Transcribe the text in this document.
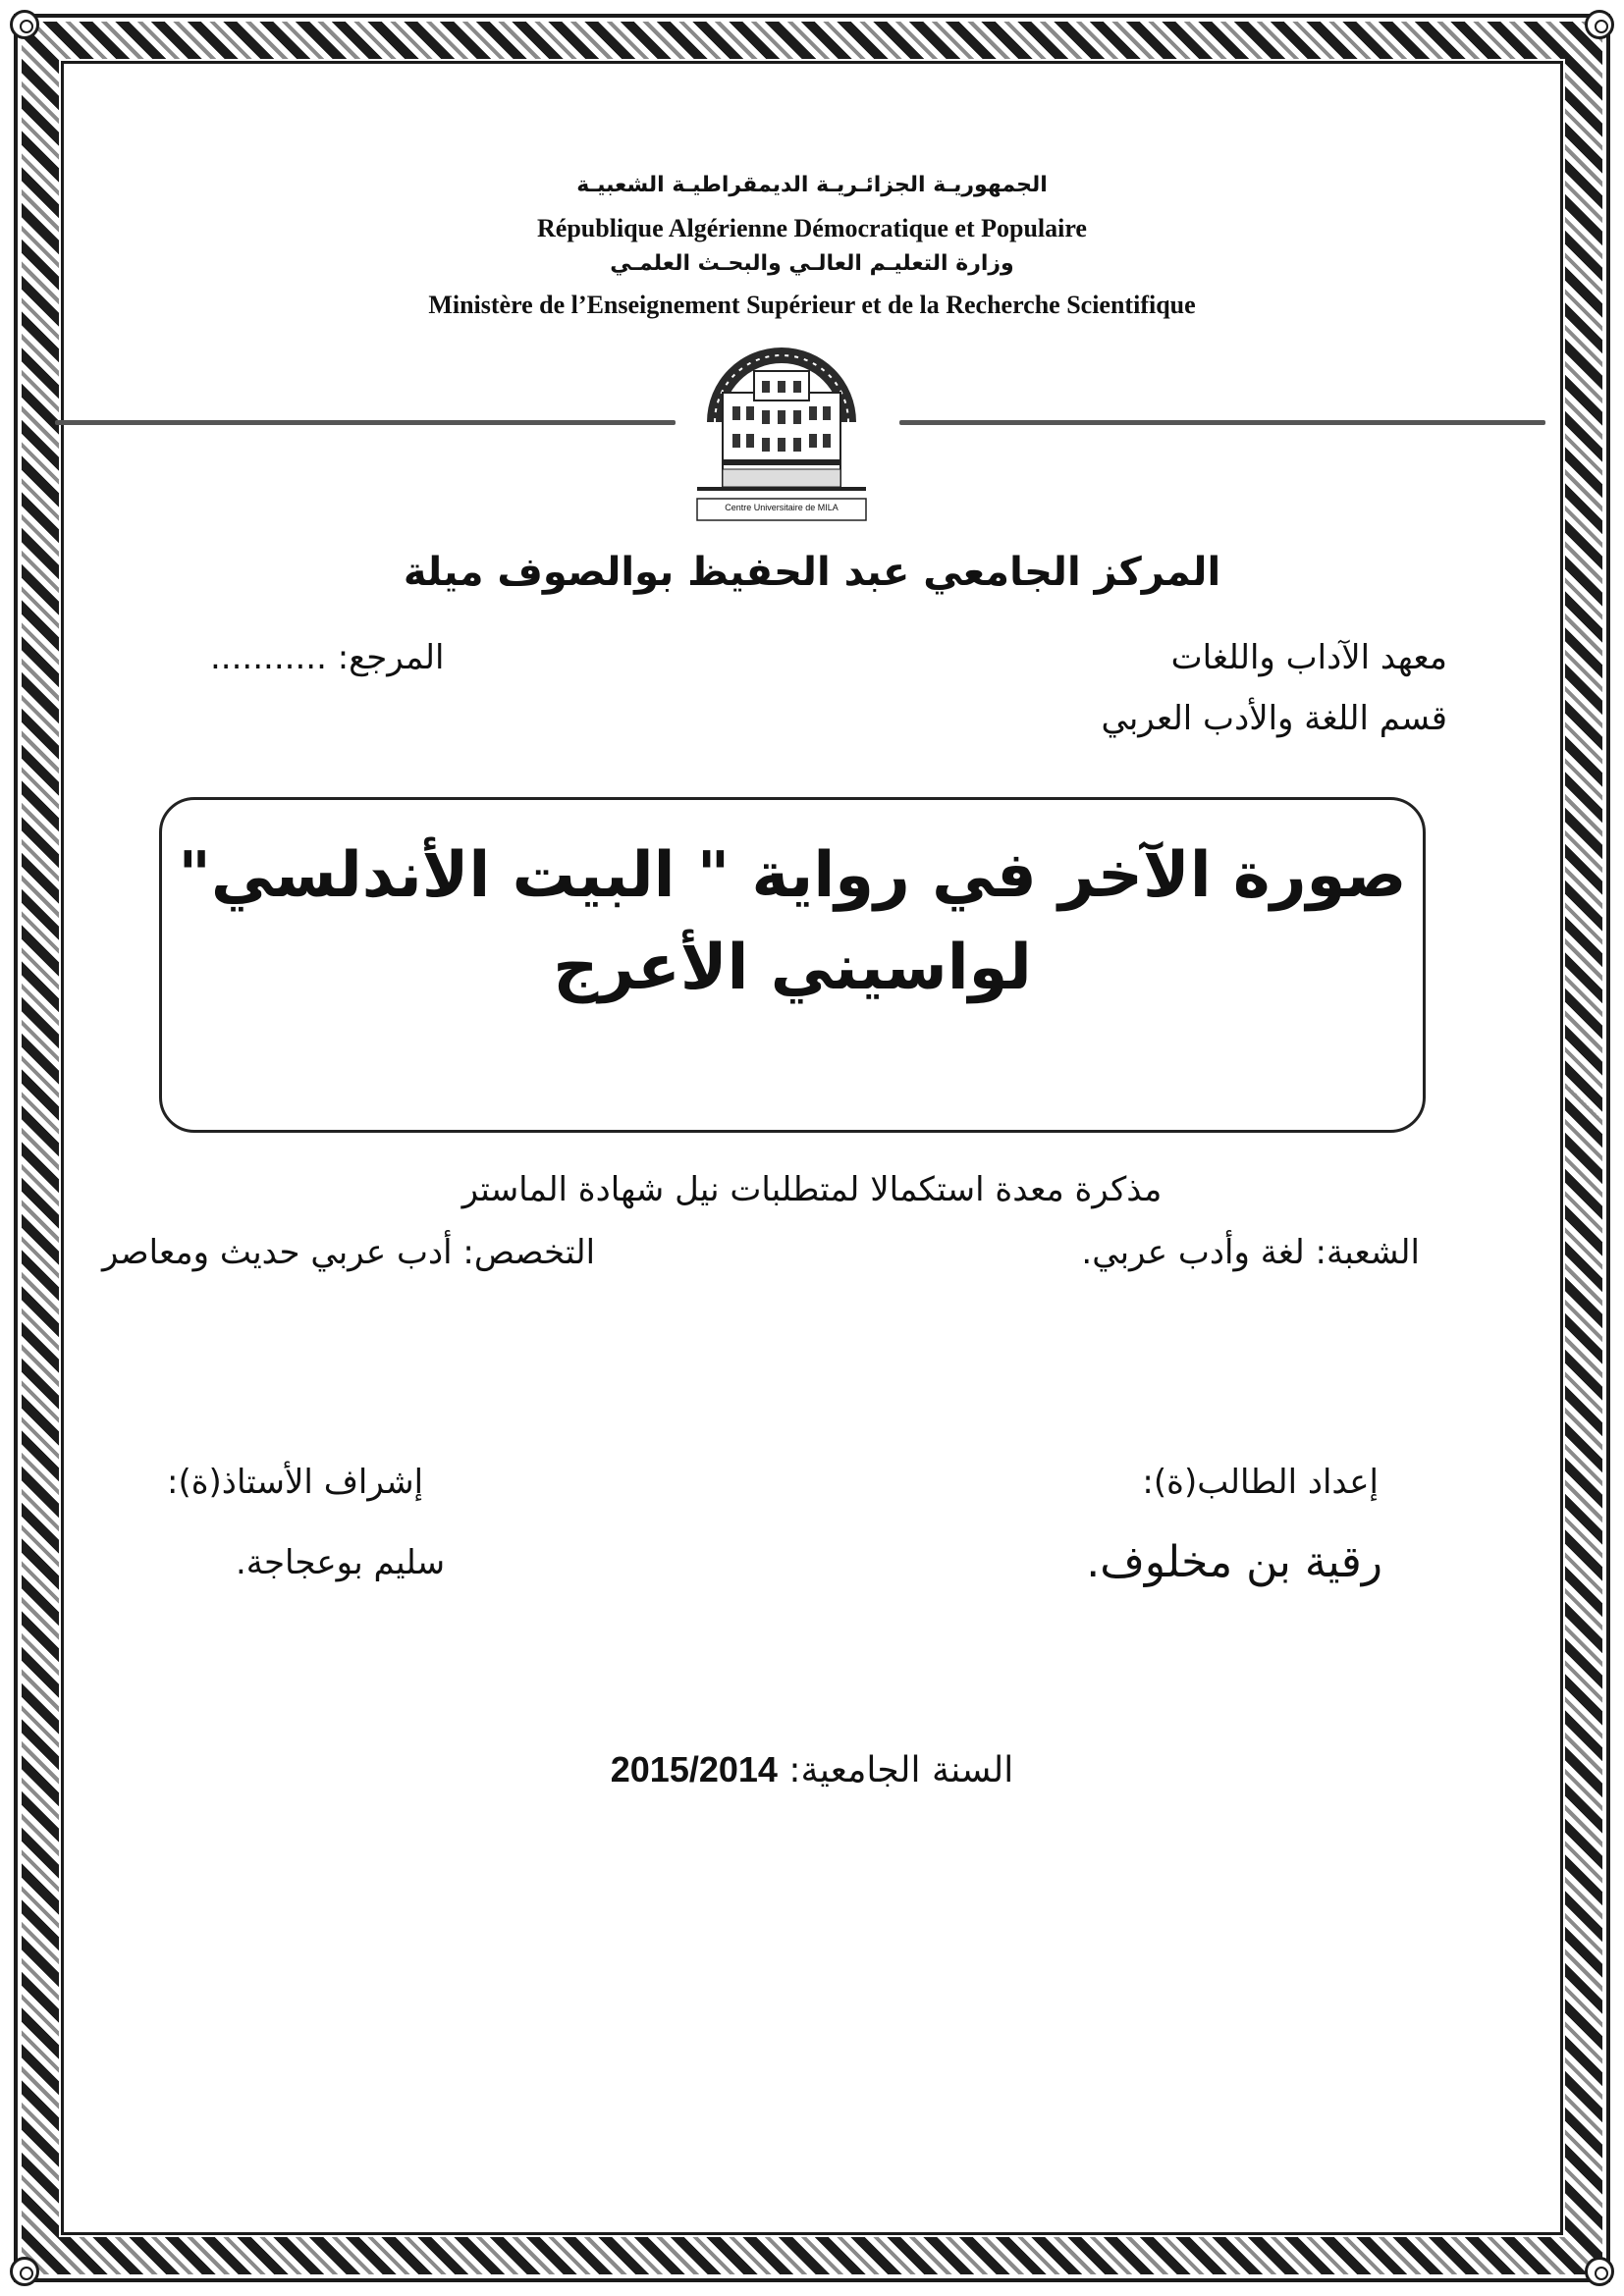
الجمهوريـة الجزائـريـة الديمقراطيـة الشعبيـة
République Algérienne Démocratique et Populaire
وزارة التعليـم العالـي والبحـث العلمـي
Ministère de l’Enseignement Supérieur et de la Recherche Scientifique
Centre Universitaire de MILA
المركز الجامعي عبد الحفيظ بوالصوف ميلة
معهد الآداب واللغات
قسم اللغة والأدب العربي
المرجع: ...........
صورة الآخر في رواية " البيت الأندلسي"
لواسيني الأعرج
مذكرة معدة استكمالا لمتطلبات نيل شهادة الماستر
الشعبة: لغة وأدب عربي.
التخصص: أدب عربي حديث ومعاصر
إعداد الطالب(ة):
رقية بن مخلوف.
إشراف الأستاذ(ة):
سليم بوعجاجة.
السنة الجامعية: 2015/2014
